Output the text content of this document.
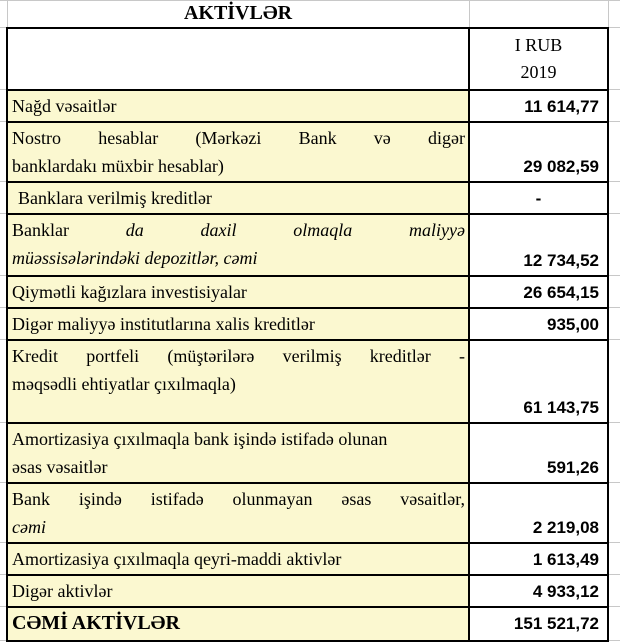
	AKTİVLƏR		

		I RUB
2019	

	Nağd vəsaitlər	11 614,77	

	Nostro hesablar (Mərkəzi Bank və digər
banklardakı müxbir hesablar)	29 082,59	

	Banklara verilmiş kreditlər	-	

	Banklar da daxil olmaqla maliyyə
müəssisələrindəki depozitlər, cəmi	12 734,52	

	Qiymətli kağızlara investisiyalar	26 654,15	

	Digər maliyyə institutlarına xalis kreditlər	935,00	

	Kredit portfeli (müştərilərə verilmiş kreditlər -
məqsədli ehtiyatlar çıxılmaqla)	61 143,75	

	Amortizasiya çıxılmaqla bank işində istifadə olunan
əsas vəsaitlər	591,26	

	Bank işində istifadə olunmayan əsas vəsaitlər,
cəmi	2 219,08	

	Amortizasiya çıxılmaqla qeyri-maddi aktivlər	1 613,49	

	Digər aktivlər	4 933,12	
	CƏMİ AKTİVLƏR	151 521,72	
